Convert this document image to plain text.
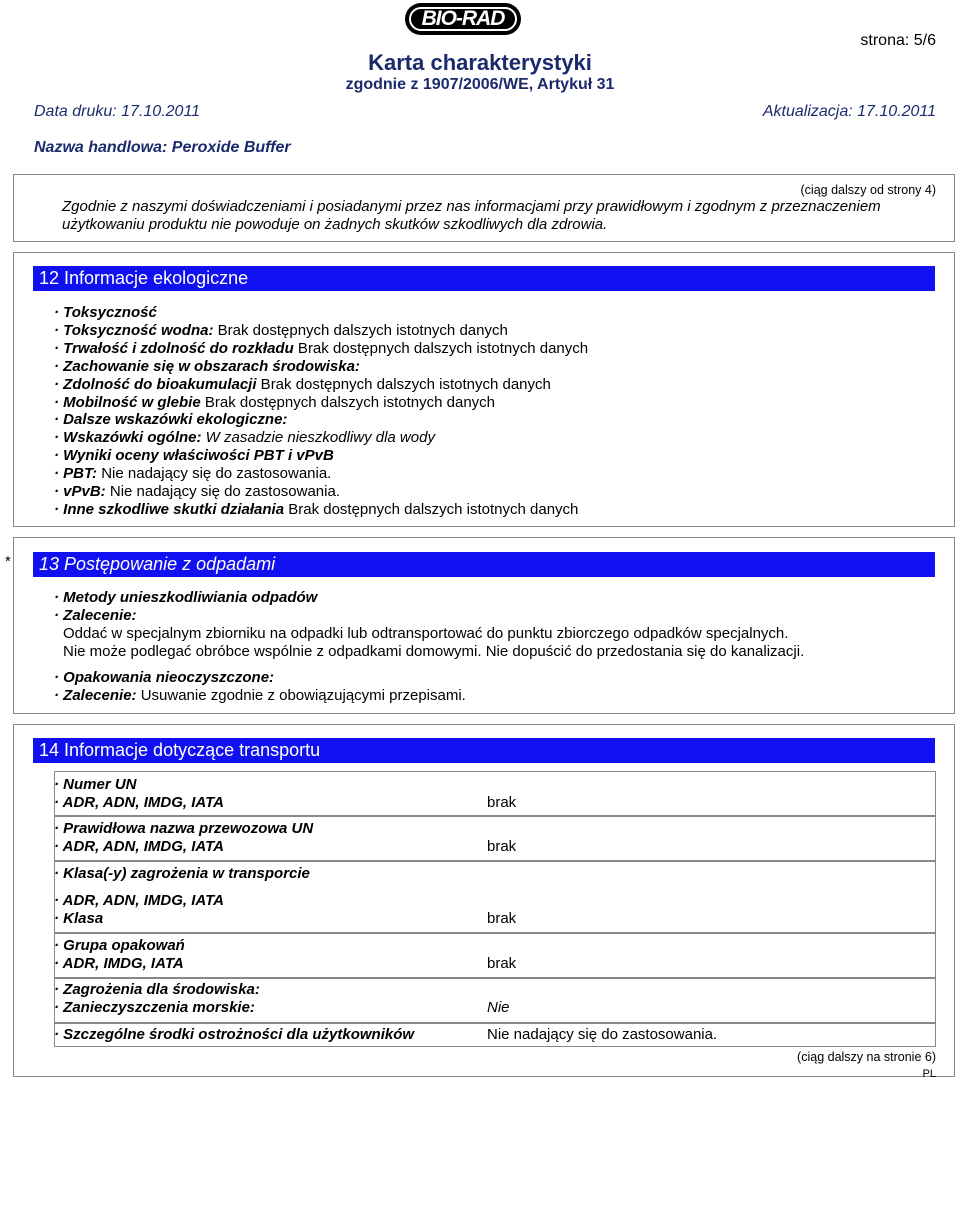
BIO-RAD
strona: 5/6
Karta charakterystyki
zgodnie z 1907/2006/WE, Artykuł 31
Data druku: 17.10.2011	Aktualizacja: 17.10.2011
Nazwa handlowa: Peroxide Buffer
(ciąg dalszy od strony 4)
Zgodnie z naszymi doświadczeniami i posiadanymi przez nas informacjami przy prawidłowym i zgodnym z przeznaczeniem użytkowaniu produktu nie powoduje on żadnych skutków szkodliwych dla zdrowia.
12 Informacje ekologiczne
· Toksyczność
· Toksyczność wodna: Brak dostępnych dalszych istotnych danych
· Trwałość i zdolność do rozkładu Brak dostępnych dalszych istotnych danych
· Zachowanie się w obszarach środowiska:
· Zdolność do bioakumulacji Brak dostępnych dalszych istotnych danych
· Mobilność w glebie Brak dostępnych dalszych istotnych danych
· Dalsze wskazówki ekologiczne:
· Wskazówki ogólne: W zasadzie nieszkodliwy dla wody
· Wyniki oceny właściwości PBT i vPvB
· PBT: Nie nadający się do zastosowania.
· vPvB: Nie nadający się do zastosowania.
· Inne szkodliwe skutki działania Brak dostępnych dalszych istotnych danych
*	13 Postępowanie z odpadami
· Metody unieszkodliwiania odpadów
· Zalecenie:
Oddać w specjalnym zbiorniku na odpadki lub odtransportować do punktu zbiorczego odpadków specjalnych.
Nie może podlegać obróbce wspólnie z odpadkami domowymi. Nie dopuścić do przedostania się do kanalizacji.
· Opakowania nieoczyszczone:
· Zalecenie: Usuwanie zgodnie z obowiązującymi przepisami.
14 Informacje dotyczące transportu
· Numer UN
· ADR, ADN, IMDG, IATA	brak
· Prawidłowa nazwa przewozowa UN
· ADR, ADN, IMDG, IATA	brak
· Klasa(-y) zagrożenia w transporcie
· ADR, ADN, IMDG, IATA
· Klasa	brak
· Grupa opakowań
· ADR, IMDG, IATA	brak
· Zagrożenia dla środowiska:
· Zanieczyszczenia morskie:	Nie
· Szczególne środki ostrożności dla użytkowników	Nie nadający się do zastosowania.
(ciąg dalszy na stronie 6)
PL
